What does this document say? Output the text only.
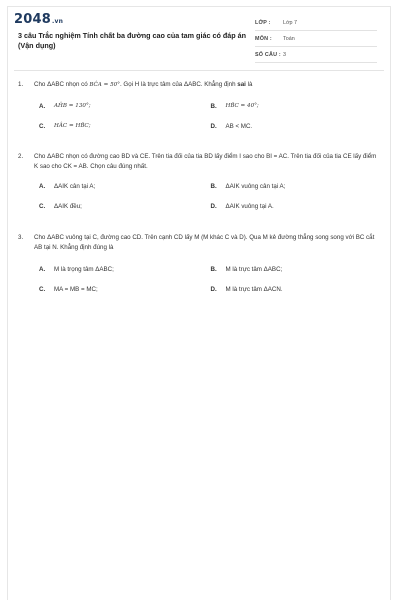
2048.vn
3 câu Trắc nghiệm Tính chất ba đường cao của tam giác có đáp án (Vận dụng)
LỚP :	Lớp 7
MÔN :	Toán
SỐ CÂU : 3
1.	Cho ΔABC nhọn có BĈA = 50°. Gọi H là trực tâm của ΔABC. Khẳng định sai là
A.	AĤB = 130°;	B.	HB̂C = 40°;
C.	HÂC = HB̂C;	D.	AB < MC.
2.	Cho ΔABC nhọn có đường cao BD và CE. Trên tia đối của tia BD lấy điểm I sao cho BI = AC. Trên tia đối của tia CE lấy điểm K sao cho CK = AB. Chọn câu đúng nhất.
A.	ΔAIK cân tại A;	B.	ΔAIK vuông cân tại A;
C.	ΔAIK đều;	D.	ΔAIK vuông tại A.
3.	Cho ΔABC vuông tại C, đường cao CD. Trên cạnh CD lấy M (M khác C và D). Qua M kẻ đường thẳng song song với BC cắt AB tại N. Khẳng định đúng là
A.	M là trọng tâm ΔABC;	B.	M là trực tâm ΔABC;
C.	MA = MB = MC;	D.	M là trực tâm ΔACN.
